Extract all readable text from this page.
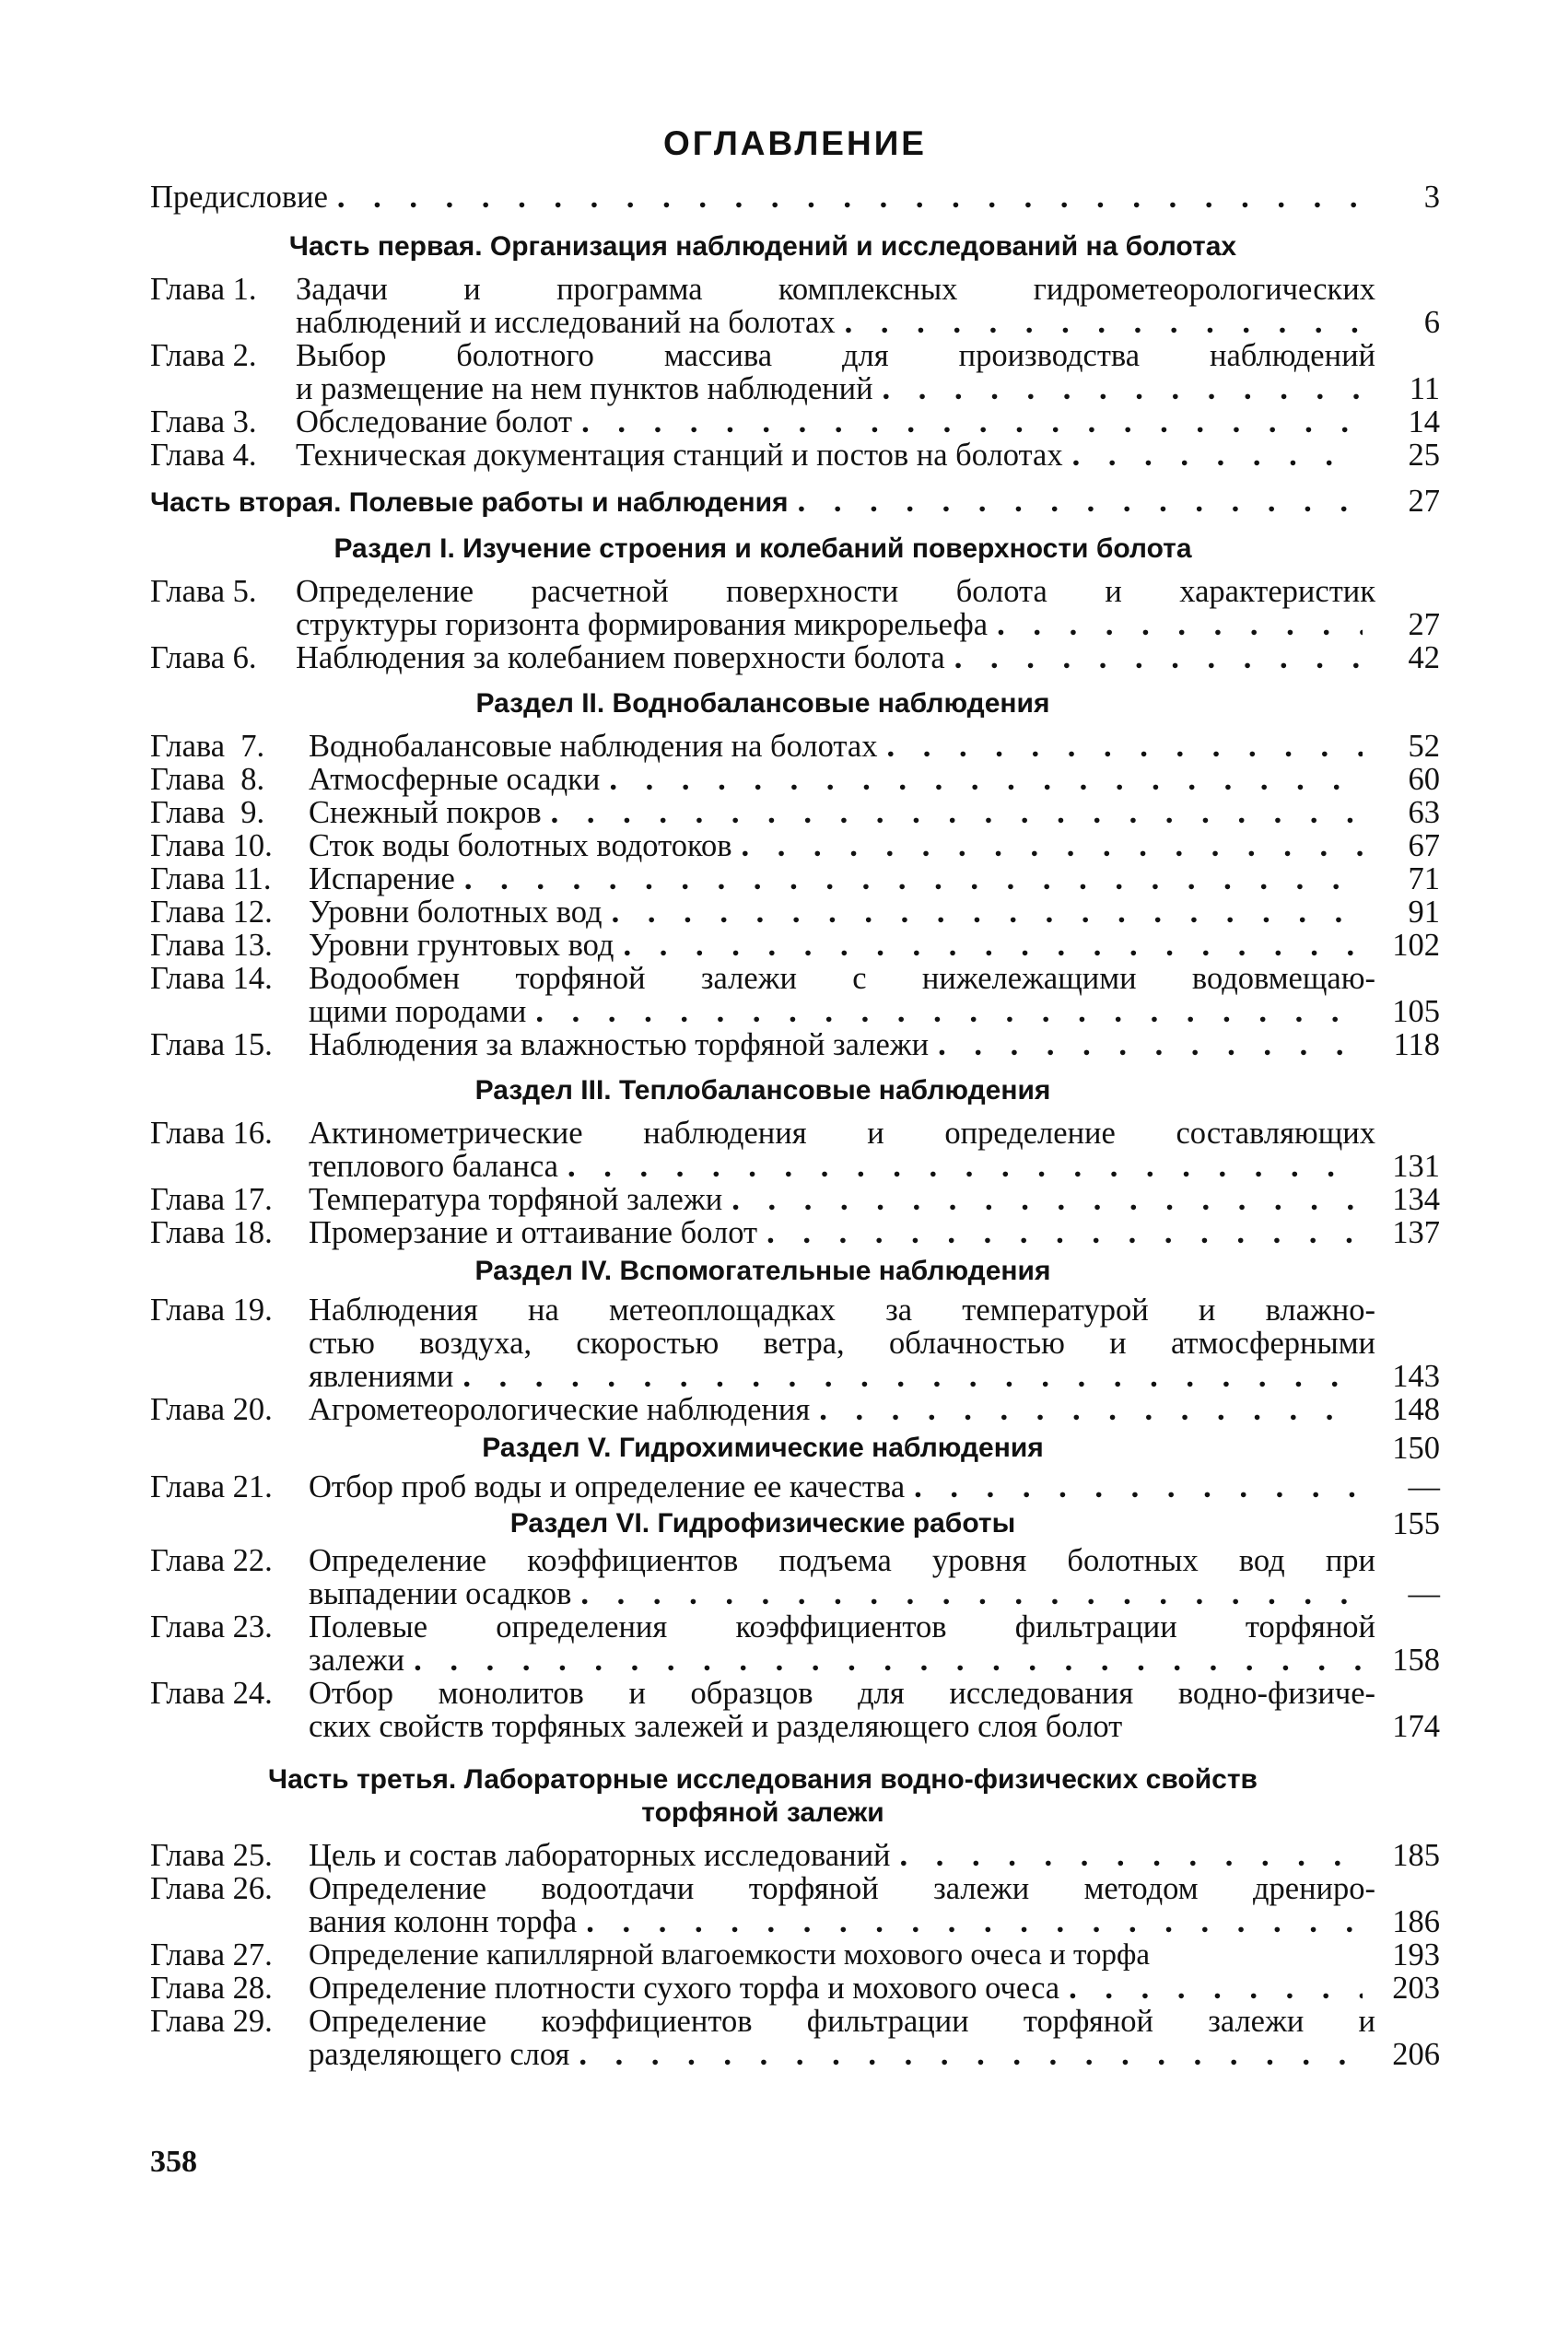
ОГЛАВЛЕНИЕ
Предисловие . . .	3
Часть первая. Организация наблюдений и исследований на болотах
Глава 1.	Задачи и программа комплексных гидрометеорологических
наблюдений и исследований на болотах . . .	6
Глава 2.	Выбор болотного массива для производства наблюдений
и размещение на нем пунктов наблюдений . . .	11
Глава 3.	Обследование болот . . .	14
Глава 4.	Техническая документация станций и постов на болотах . . .	25
Часть вторая. Полевые работы и наблюдения . . .	27
Раздел I. Изучение строения и колебаний поверхности болота
Глава 5.	Определение расчетной поверхности болота и характеристик
структуры горизонта формирования микрорельефа . . .	27
Глава 6.	Наблюдения за колебанием поверхности болота . . .	42
Раздел II. Воднобалансовые наблюдения
Глава  7.	Воднобалансовые наблюдения на болотах . . .	52
Глава  8.	Атмосферные осадки . . .	60
Глава  9.	Снежный покров . . .	63
Глава 10.	Сток воды болотных водотоков . . .	67
Глава 11.	Испарение . . .	71
Глава 12.	Уровни болотных вод . . .	91
Глава 13.	Уровни грунтовых вод . . .	102
Глава 14.	Водообмен торфяной залежи с нижележащими водовмещаю-
щими породами . . .	105
Глава 15.	Наблюдения за влажностью торфяной залежи . . .	118
Раздел III. Теплобалансовые наблюдения
Глава 16.	Актинометрические наблюдения и определение составляющих
теплового баланса . . .	131
Глава 17.	Температура торфяной залежи . . .	134
Глава 18.	Промерзание и оттаивание болот . . .	137
Раздел IV. Вспомогательные наблюдения
Глава 19.	Наблюдения на метеоплощадках за температурой и влажно-
стью воздуха, скоростью ветра, облачностью и атмосферными
явлениями . . .	143
Глава 20.	Агрометеорологические наблюдения . . .	148
Раздел V. Гидрохимические наблюдения	150
Глава 21.	Отбор проб воды и определение ее качества . . .	—
Раздел VI. Гидрофизические работы	155
Глава 22.	Определение коэффициентов подъема уровня болотных вод при
выпадении осадков . . .	—
Глава 23.	Полевые определения коэффициентов фильтрации торфяной
залежи . . .	158
Глава 24.	Отбор монолитов и образцов для исследования водно-физиче-
ских свойств торфяных залежей и разделяющего слоя болот	174
Часть третья. Лабораторные исследования водно-физических свойств
торфяной залежи
Глава 25.	Цель и состав лабораторных исследований . . .	185
Глава 26.	Определение водоотдачи торфяной залежи методом дрениро-
вания колонн торфа . . .	186
Глава 27.	Определение капиллярной влагоемкости мохового очеса и торфа	193
Глава 28.	Определение плотности сухого торфа и мохового очеса . . .	203
Глава 29.	Определение коэффициентов фильтрации торфяной залежи и
разделяющего слоя . . .	206
358
